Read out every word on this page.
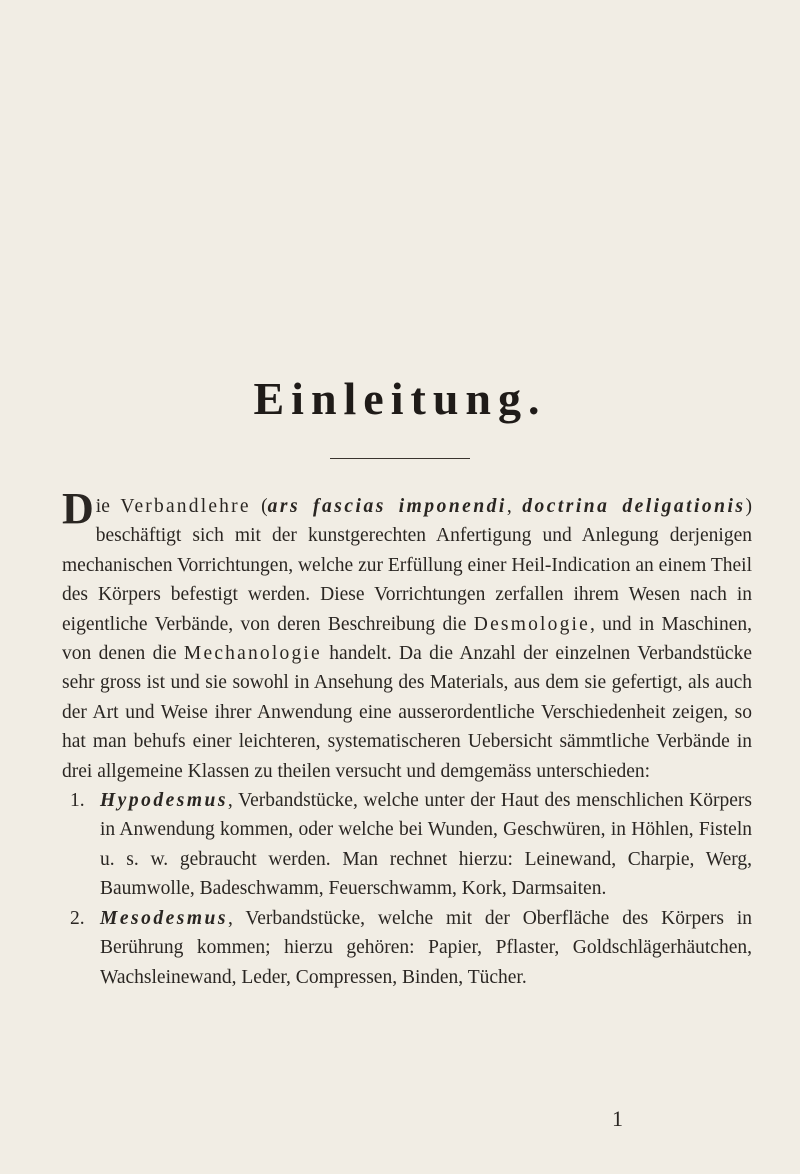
Einleitung.

Die Verbandlehre (ars fascias imponendi, doctrina deligationis) beschäftigt sich mit der kunstgerechten Anfertigung und Anlegung derjenigen mechanischen Vorrichtungen, welche zur Erfüllung einer Heil-Indication an einem Theil des Körpers befestigt werden. Diese Vorrichtungen zerfallen ihrem Wesen nach in eigentliche Verbände, von deren Beschreibung die Desmologie, und in Maschinen, von denen die Mechanologie handelt. Da die Anzahl der einzelnen Verbandstücke sehr gross ist und sie sowohl in Ansehung des Materials, aus dem sie gefertigt, als auch der Art und Weise ihrer Anwendung eine ausserordentliche Verschiedenheit zeigen, so hat man behufs einer leichteren, systematischeren Uebersicht sämmtliche Verbände in drei allgemeine Klassen zu theilen versucht und demgemäss unterschieden:

1. Hypodesmus, Verbandstücke, welche unter der Haut des menschlichen Körpers in Anwendung kommen, oder welche bei Wunden, Geschwüren, in Höhlen, Fisteln u. s. w. gebraucht werden. Man rechnet hierzu: Leinewand, Charpie, Werg, Baumwolle, Badeschwamm, Feuerschwamm, Kork, Darmsaiten.

2. Mesodesmus, Verbandstücke, welche mit der Oberfläche des Körpers in Berührung kommen; hierzu gehören: Papier, Pflaster, Goldschlägerhäutchen, Wachsleinewand, Leder, Compressen, Binden, Tücher.

1
